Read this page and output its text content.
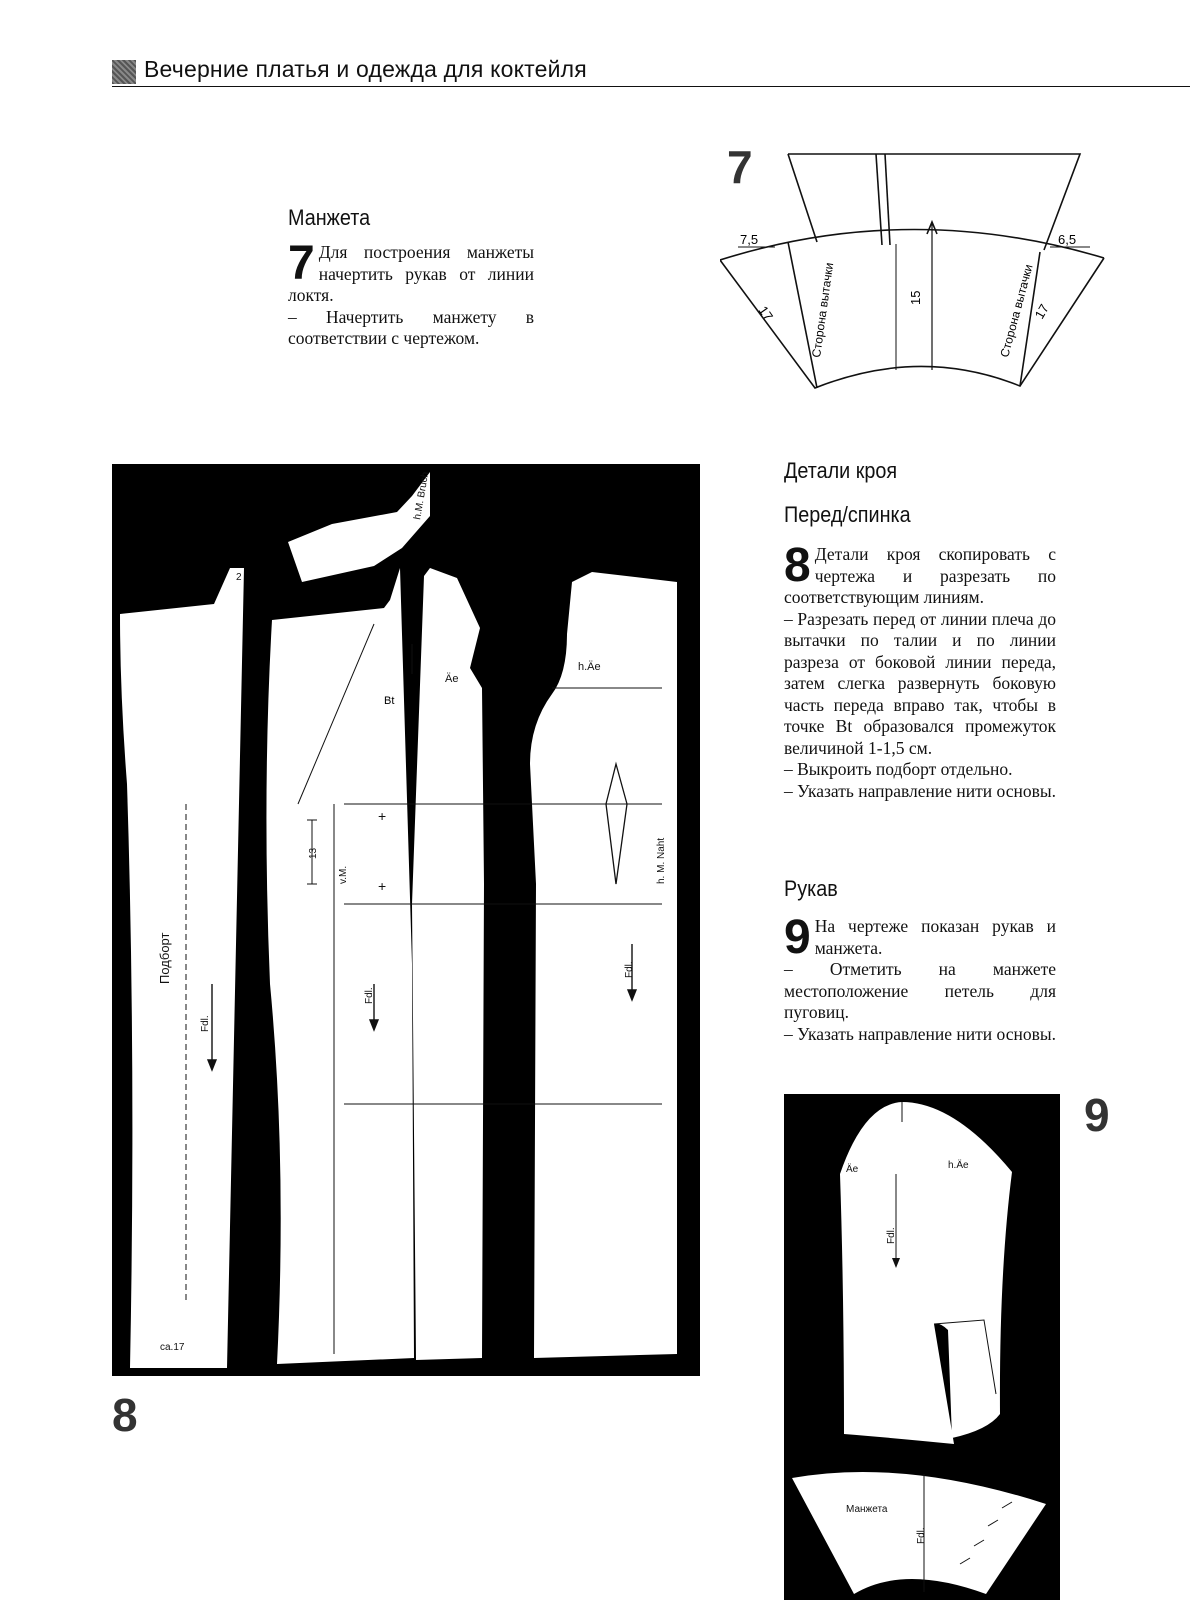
Вечерние платья и одежда для коктейля
Манжета
7 Для построения манжеты начертить рукав от линии локтя.

– Начертить манжету в соответствии с чертежом.

7
7,5	6,5
15
17	17
Сторона вытачки	Сторона вытачки
+
+
Подборт
Fdl.
Fdl.
Fdl.
ca.17
Bt
Äe
h.Äe
v.M.	h. M. Naht
h.M. Bruch
13
2
8
Детали кроя
Перед/спинка
8 Детали кроя скопировать с чертежа и разрезать по соответствующим линиям.

– Разрезать перед от линии плеча до вытачки по талии и по линии разреза от боковой линии переда, затем слегка развернуть боковую часть переда вправо так, чтобы в точке Bt образовался промежуток величиной 1-1,5 см.

– Выкроить подборт отдельно.

– Указать направление нити основы.

Рукав
9 На чертеже показан рукав и манжета.

– Отметить на манжете местоположение петель для пуговиц.

– Указать направление нити основы.

9
Äe	h.Äe
Fdl.
Манжета
Fdl.
